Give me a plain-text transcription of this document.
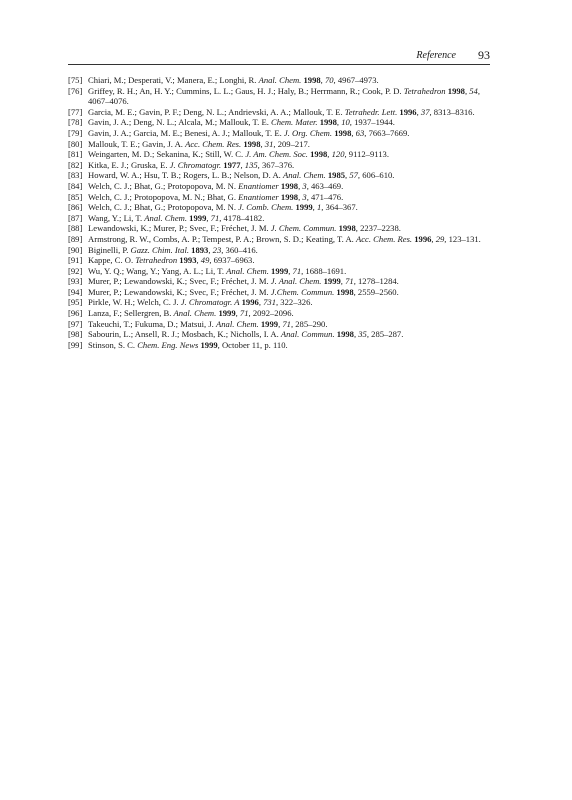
Reference 93
[75] Chiari, M.; Desperati, V.; Manera, E.; Longhi, R. Anal. Chem. 1998, 70, 4967–4973.
[76] Griffey, R. H.; An, H. Y.; Cummins, L. L.; Gaus, H. J.; Haly, B.; Herrmann, R.; Cook, P. D. Tetrahedron 1998, 54, 4067–4076.
[77] Garcia, M. E.; Gavin, P. F.; Deng, N. L.; Andrievski, A. A.; Mallouk, T. E. Tetrahedr. Lett. 1996, 37, 8313–8316.
[78] Gavin, J. A.; Deng, N. L.; Alcala, M.; Mallouk, T. E. Chem. Mater. 1998, 10, 1937–1944.
[79] Gavin, J. A.; Garcia, M. E.; Benesi, A. J.; Mallouk, T. E. J. Org. Chem. 1998, 63, 7663–7669.
[80] Mallouk, T. E.; Gavin, J. A. Acc. Chem. Res. 1998, 31, 209–217.
[81] Weingarten, M. D.; Sekanina, K.; Still, W. C. J. Am. Chem. Soc. 1998, 120, 9112–9113.
[82] Kitka, E. J.; Gruska, E. J. Chromatogr. 1977, 135, 367–376.
[83] Howard, W. A.; Hsu, T. B.; Rogers, L. B.; Nelson, D. A. Anal. Chem. 1985, 57, 606–610.
[84] Welch, C. J.; Bhat, G.; Protopopova, M. N. Enantiomer 1998, 3, 463–469.
[85] Welch, C. J.; Protopopova, M. N.; Bhat, G. Enantiomer 1998, 3, 471–476.
[86] Welch, C. J.; Bhat, G.; Protopopova, M. N. J. Comb. Chem. 1999, 1, 364–367.
[87] Wang, Y.; Li, T. Anal. Chem. 1999, 71, 4178–4182.
[88] Lewandowski, K.; Murer, P.; Svec, F.; Fréchet, J. M. J. Chem. Commun. 1998, 2237–2238.
[89] Armstrong, R. W., Combs, A. P.; Tempest, P. A.; Brown, S. D.; Keating, T. A. Acc. Chem. Res. 1996, 29, 123–131.
[90] Biginelli, P. Gazz. Chim. Ital. 1893, 23, 360–416.
[91] Kappe, C. O. Tetrahedron 1993, 49, 6937–6963.
[92] Wu, Y. Q.; Wang, Y.; Yang, A. L.; Li, T. Anal. Chem. 1999, 71, 1688–1691.
[93] Murer, P.; Lewandowski, K.; Svec, F.; Fréchet, J. M. J. Anal. Chem. 1999, 71, 1278–1284.
[94] Murer, P.; Lewandowski, K.; Svec, F.; Fréchet, J. M. J.Chem. Commun. 1998, 2559–2560.
[95] Pirkle, W. H.; Welch, C. J. J. Chromatogr. A 1996, 731, 322–326.
[96] Lanza, F.; Sellergren, B. Anal. Chem. 1999, 71, 2092–2096.
[97] Takeuchi, T.; Fukuma, D.; Matsui, J. Anal. Chem. 1999, 71, 285–290.
[98] Sabourin, L.; Ansell, R. J.; Mosbach, K.; Nicholls, I. A. Anal. Commun. 1998, 35, 285–287.
[99] Stinson, S. C. Chem. Eng. News 1999, October 11, p. 110.
